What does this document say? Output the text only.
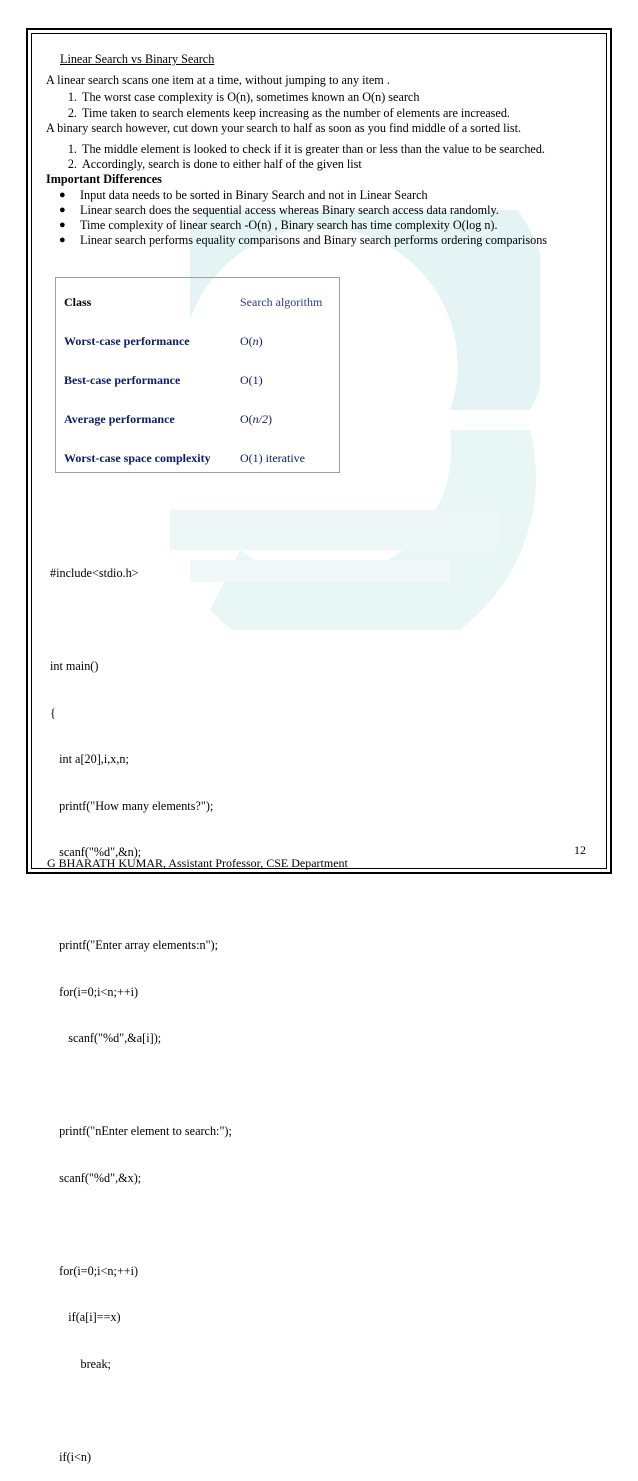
Linear Search vs Binary Search

A linear search scans one item at a time, without jumping to any item .

1. The worst case complexity is O(n), sometimes known an O(n) search
2. Time taken to search elements keep increasing as the number of elements are increased.

A binary search however, cut down your search to half as soon as you find middle of a sorted list.

1. The middle element is looked to check if it is greater than or less than the value to be searched.
2. Accordingly, search is done to either half of the given list
Important Differences
● Input data needs to be sorted in Binary Search and not in Linear Search
● Linear search does the sequential access whereas Binary search access data randomly.
● Time complexity of linear search -O(n) , Binary search has time complexity O(log n).
● Linear search performs equality comparisons and Binary search performs ordering comparisons
Class	Search algorithm
Worst-case performance	O(n)
Best-case performance	O(1)
Average performance	O(n/2)
Worst-case space complexity O(1) iterative

#include<stdio.h>

int main()

{

int a[20],i,x,n;

printf("How many elements?");

scanf("%d",&n);

printf("Enter array elements:n");

for(i=0;i<n;++i)

scanf("%d",&a[i]);

printf("nEnter element to search:");

scanf("%d",&x);

for(i=0;i<n;++i)

if(a[i]==x)

break;

if(i<n)

12
G BHARATH KUMAR, Assistant Professor, CSE Department
